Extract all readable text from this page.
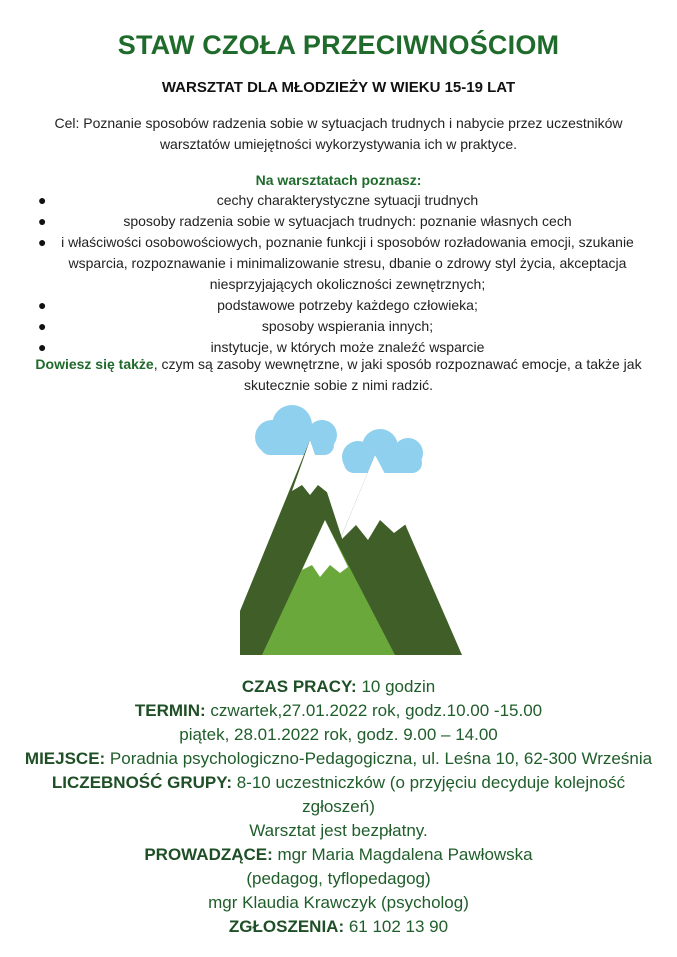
STAW CZOŁA PRZECIWNOŚCIOM
WARSZTAT DLA MŁODZIEŻY W WIEKU 15-19 LAT
Cel: Poznanie sposobów radzenia sobie w sytuacjach trudnych i nabycie przez uczestników warsztatów umiejętności wykorzystywania ich w praktyce.
Na warsztatach poznasz:
●	cechy charakterystyczne sytuacji trudnych
●	sposoby radzenia sobie w sytuacjach trudnych: poznanie własnych cech
●	i właściwości osobowościowych, poznanie funkcji i sposobów rozładowania emocji, szukanie wsparcia, rozpoznawanie i minimalizowanie stresu, dbanie o zdrowy styl życia, akceptacja niesprzyjających okoliczności zewnętrznych;
●	podstawowe potrzeby każdego człowieka;
●	sposoby wspierania innych;
●	instytucje, w których może znaleźć wsparcie
Dowiesz się także, czym są zasoby wewnętrzne, w jaki sposób rozpoznawać emocje, a także jak skutecznie sobie z nimi radzić.
CZAS PRACY: 10 godzin
TERMIN: czwartek,27.01.2022 rok, godz.10.00 -15.00
piątek, 28.01.2022 rok, godz. 9.00 – 14.00
MIEJSCE: Poradnia psychologiczno-Pedagogiczna, ul. Leśna 10, 62-300 Września
LICZEBNOŚĆ GRUPY: 8-10 uczestniczków (o przyjęciu decyduje kolejność zgłoszeń)
Warsztat jest bezpłatny.
PROWADZĄCE: mgr Maria Magdalena Pawłowska
(pedagog, tyflopedagog)
mgr Klaudia Krawczyk (psycholog)
ZGŁOSZENIA: 61 102 13 90
